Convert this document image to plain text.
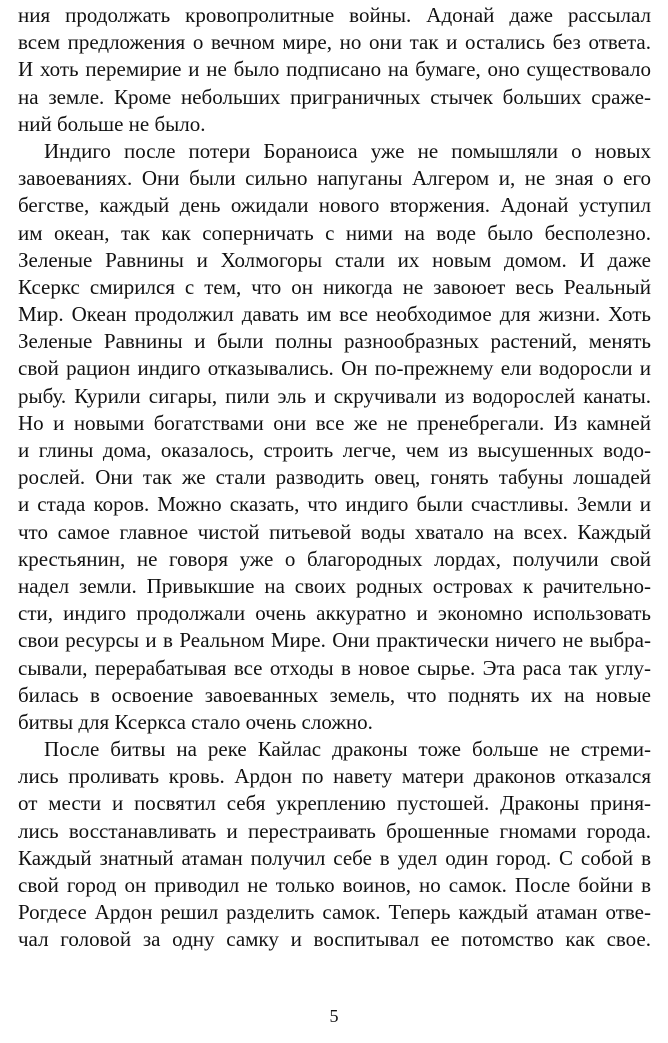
ния продолжать кровопролитные войны. Адонай даже рассылал
всем предложения о вечном мире, но они так и остались без ответа.
И хоть перемирие и не было подписано на бумаге, оно существовало
на земле. Кроме небольших приграничных стычек больших сраже-
ний больше не было.
Индиго после потери Бораноиса уже не помышляли о новых
завоеваниях. Они были сильно напуганы Алгером и, не зная о его
бегстве, каждый день ожидали нового вторжения. Адонай уступил
им океан, так как соперничать с ними на воде было бесполезно.
Зеленые Равнины и Холмогоры стали их новым домом. И даже
Ксеркс смирился с тем, что он никогда не завоюет весь Реальный
Мир. Океан продолжил давать им все необходимое для жизни. Хоть
Зеленые Равнины и были полны разнообразных растений, менять
свой рацион индиго отказывались. Он по-прежнему ели водоросли и
рыбу. Курили сигары, пили эль и скручивали из водорослей канаты.
Но и новыми богатствами они все же не пренебрегали. Из камней
и глины дома, оказалось, строить легче, чем из высушенных водо-
рослей. Они так же стали разводить овец, гонять табуны лошадей
и стада коров. Можно сказать, что индиго были счастливы. Земли и
что самое главное чистой питьевой воды хватало на всех. Каждый
крестьянин, не говоря уже о благородных лордах, получили свой
надел земли. Привыкшие на своих родных островах к рачительно-
сти, индиго продолжали очень аккуратно и экономно использовать
свои ресурсы и в Реальном Мире. Они практически ничего не выбра-
сывали, перерабатывая все отходы в новое сырье. Эта раса так углу-
билась в освоение завоеванных земель, что поднять их на новые
битвы для Ксеркса стало очень сложно.
После битвы на реке Кайлас драконы тоже больше не стреми-
лись проливать кровь. Ардон по навету матери драконов отказался
от мести и посвятил себя укреплению пустошей. Драконы приня-
лись восстанавливать и перестраивать брошенные гномами города.
Каждый знатный атаман получил себе в удел один город. С собой в
свой город он приводил не только воинов, но самок. После бойни в
Рогдесе Ардон решил разделить самок. Теперь каждый атаман отве-
чал головой за одну самку и воспитывал ее потомство как свое.
5
